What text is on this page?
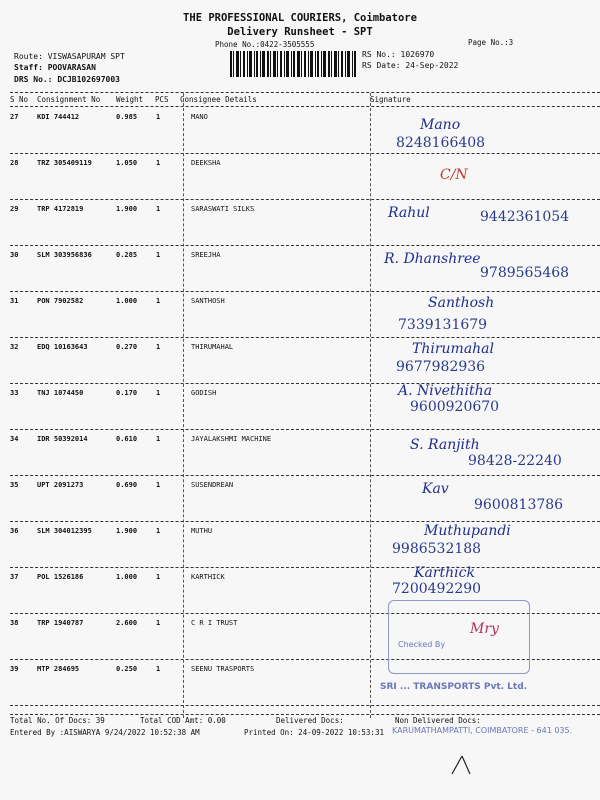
THE PROFESSIONAL COURIERS, Coimbatore
Delivery Runsheet - SPT
Phone No.:0422-3505555	Page No.:3
Route: VISWASAPURAM SPT
Staff: POOVARASAN
DRS No.: DCJB102697003
RS No.: 1026970
RS Date: 24-Sep-2022
S No Consignment No Weight PCS Consignee Details	Signature
27	KDI 744412	0.985	1	MANO	Mano
8248166408
28	TRZ 305409119	1.050	1	DEEKSHA
C/N
29	TRP 4172819	1.900	1	SARASWATI SILKS	Rahul	9442361054
30	SLM 303956836	0.285	1	SREEJHA	R. Dhanshree
9789565468
31	PON 7902582	1.000	1	SANTHOSH	Santhosh
7339131679
32	EDQ 10163643	0.270	1	THIRUMAHAL	Thirumahal
9677982936
33	TNJ 1074450	0.170	1	GODISH	A. Nivethitha
9600920670
34	IDR 50392014	0.610	1	JAYALAKSHMI MACHINE	S. Ranjith
98428-22240
35	UPT 2091273	0.690	1	SUSENDREAN	Kav
9600813786
36	SLM 304012395	1.900	1	MUTHU	Muthupandi
9986532188
37	POL 1526186	1.000	1	KARTHICK	Karthick
7200492290
38	TRP 1940787	2.600	1	C R I TRUST	Mry
39	MTP 284695	0.250	1	SEENU TRASPORTS
Checked By
SRI ... TRANSPORTS Pvt. Ltd.
KARUMATHAMPATTI, COIMBATORE - 641 035.
Total No. Of Docs: 39	Total COD Amt: 0.00	Delivered Docs:	Non Delivered Docs:
Entered By :AISWARYA 9/24/2022 10:52:38 AM	Printed On: 24-09-2022 10:53:31
